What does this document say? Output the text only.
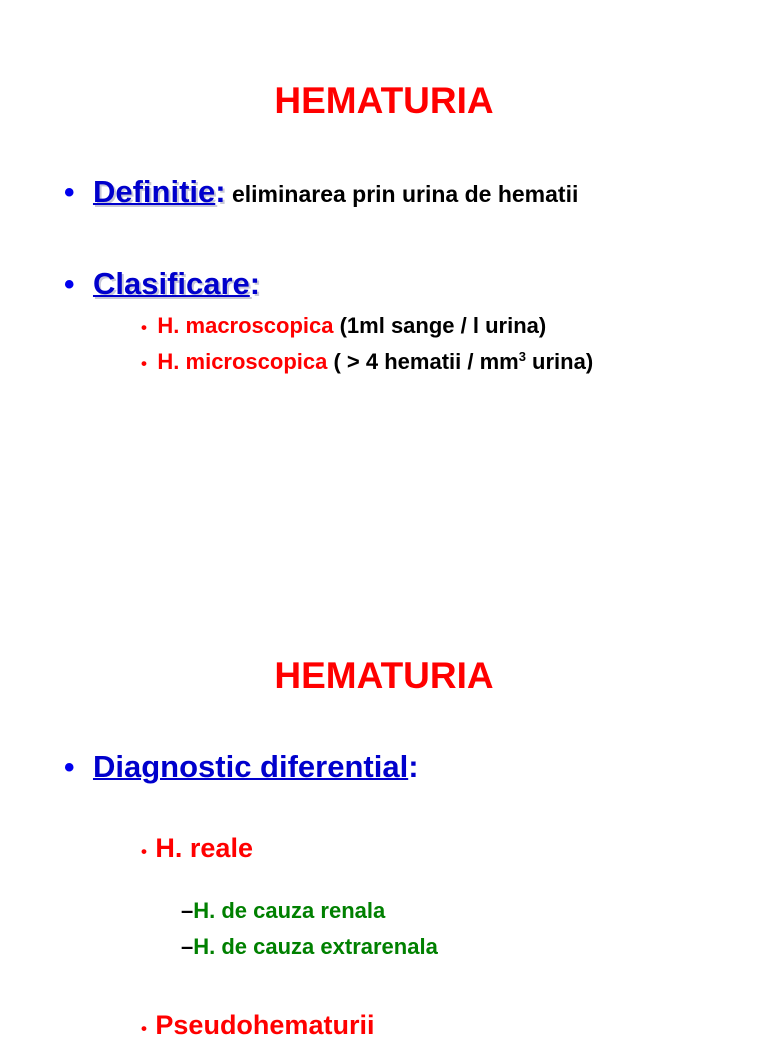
HEMATURIA
• Definitie: eliminarea prin urina de hematii
• Clasificare:
• H. macroscopica (1ml sange / l urina)
• H. microscopica ( > 4 hematii / $mm^3$ urina)
HEMATURIA
• Diagnostic diferential:
• H. reale
–H. de cauza renala
–H. de cauza extrarenala
• Pseudohematurii
